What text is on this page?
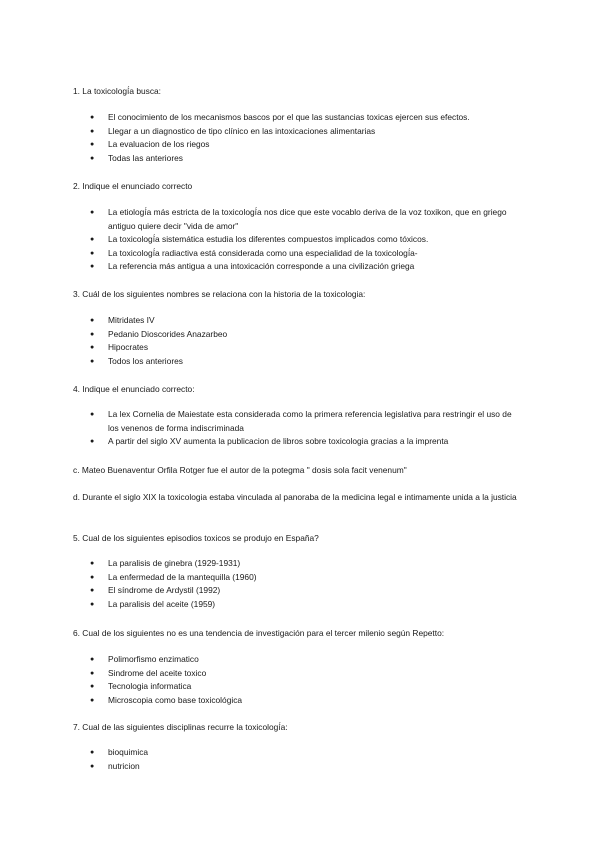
1. La toxicologí́a busca:

● El conocimiento de los mecanismos bascos por el que las sustancias toxicas ejercen sus efectos.
● Llegar a un diagnostico de tipo clínico en las intoxicaciones alimentarias
● La evaluacion de los riegos
● Todas las anteriores

2. Indique el enunciado correcto

● La etiologí́a más estricta de la toxicologí́a nos dice que este vocablo deriva de la voz toxikon, que en griego antiguo quiere decir "vida de amor"
● La toxicologí́a sistemática estudia los diferentes compuestos implicados como tóxicos.
● La toxicologí́a radiactiva está considerada como una especialidad de la toxicologí́a-
● La referencia más antigua a una intoxicación corresponde a una civilización griega

3. Cuál de los siguientes nombres se relaciona con la historia de la toxicologia:

● Mitridates IV
● Pedanio Dioscorides Anazarbeo
● Hipocrates
● Todos los anteriores

4. Indique el enunciado correcto:

● La lex Cornelia de Maiestate esta considerada como la primera referencia legislativa para restringir el uso de los venenos de forma indiscriminada
● A partir del siglo XV aumenta la publicacion de libros sobre toxicologia gracias a la imprenta

c. Mateo Buenaventur Orfila Rotger fue el autor de la potegma " dosis sola facit venenum"

d. Durante el siglo XIX la toxicologia estaba vinculada al panoraba de la medicina legal e intimamente unida a la justicia

5. Cual de los siguientes episodios toxicos se produjo en España?

● La paralisis de ginebra (1929-1931)
● La enfermedad de la mantequilla (1960)
● El síndrome de Ardystil (1992)
● La paralisis del aceite (1959)

6. Cual de los siguientes no es una tendencia de investigación para el tercer milenio según Repetto:

● Polimorfismo enzimatico
● Sindrome del aceite toxico
● Tecnologia informatica
● Microscopia como base toxicológica

7. Cual de las siguientes disciplinas recurre la toxicologí́a:

● bioquimica
● nutricion
